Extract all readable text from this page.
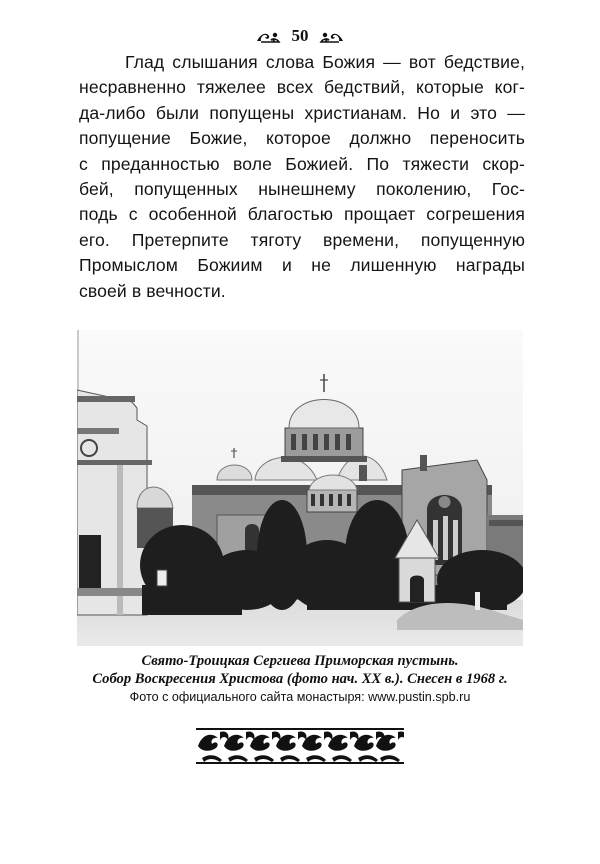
50
Глад слышания слова Божия — вот бедствие,
несравненно тяжелее всех бедствий, которые ког-
да-либо были попущены христианам. Но и это —
попущение Божие, которое должно переносить
с преданностью воле Божией. По тяжести скор-
бей, попущенных нынешнему поколению, Гос-
подь с особенной благостью прощает согрешения
его. Претерпите тяготу времени, попущенную
Промыслом Божиим и не лишенную награды
своей в вечности.
Свято-Троицкая Сергиева Приморская пустынь.
Собор Воскресения Христова (фото нач. XX в.). Снесен в 1968 г.
Фото с официального сайта монастыря: www.pustin.spb.ru
